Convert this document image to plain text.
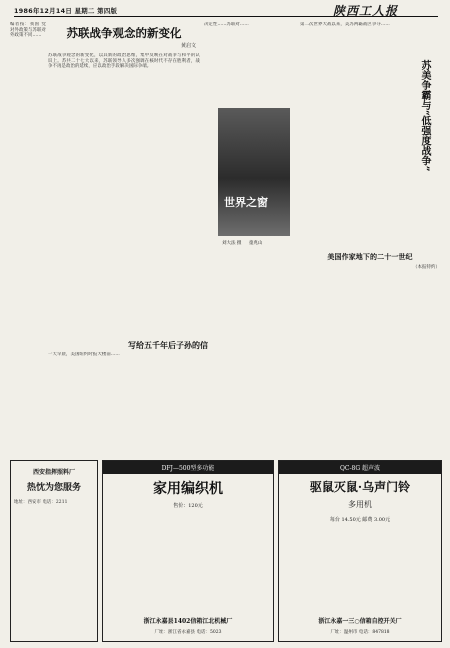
1986年12月14日 星期二 第四版	陕西工人报
编者按：我国 党对外政策与苏联对外政策不同……	苏联战争观念的新变化
黄启文
苏联战争观念的新变化，以其新的政治思维，集中反映在对战争与和平的认识上。苏共二十七大以来，苏联领导人多次强调在核时代不存在胜利者，战争不再是政治的延续，应以政治手段解决国际争端。
决定性……苏联对……
世界之窗
刘大法 摄 童兆山
第二次世界大战以来，美苏两霸战区争夺……
苏美争霸与“低强度战争”
美国作家地下的二十一世纪
（本报特约）
写给五千年后子孙的信
一天早晨，美国纽约时报大楼前……
西安指挥照料厂
热忱为您服务
地址：西安市 电话：2211
DFJ—500型多功能
家用编织机
售价：120元
浙江永嘉县1402信箱江北机械厂
厂址：浙江省永嘉县 电话：5023
QC-8G 超声波
驱鼠灭鼠·乌声门铃
多用机
每台 14.50元 邮费 3.00元
浙江永嘉一三○信箱自控开关厂
厂址：温州市 电话：847818
